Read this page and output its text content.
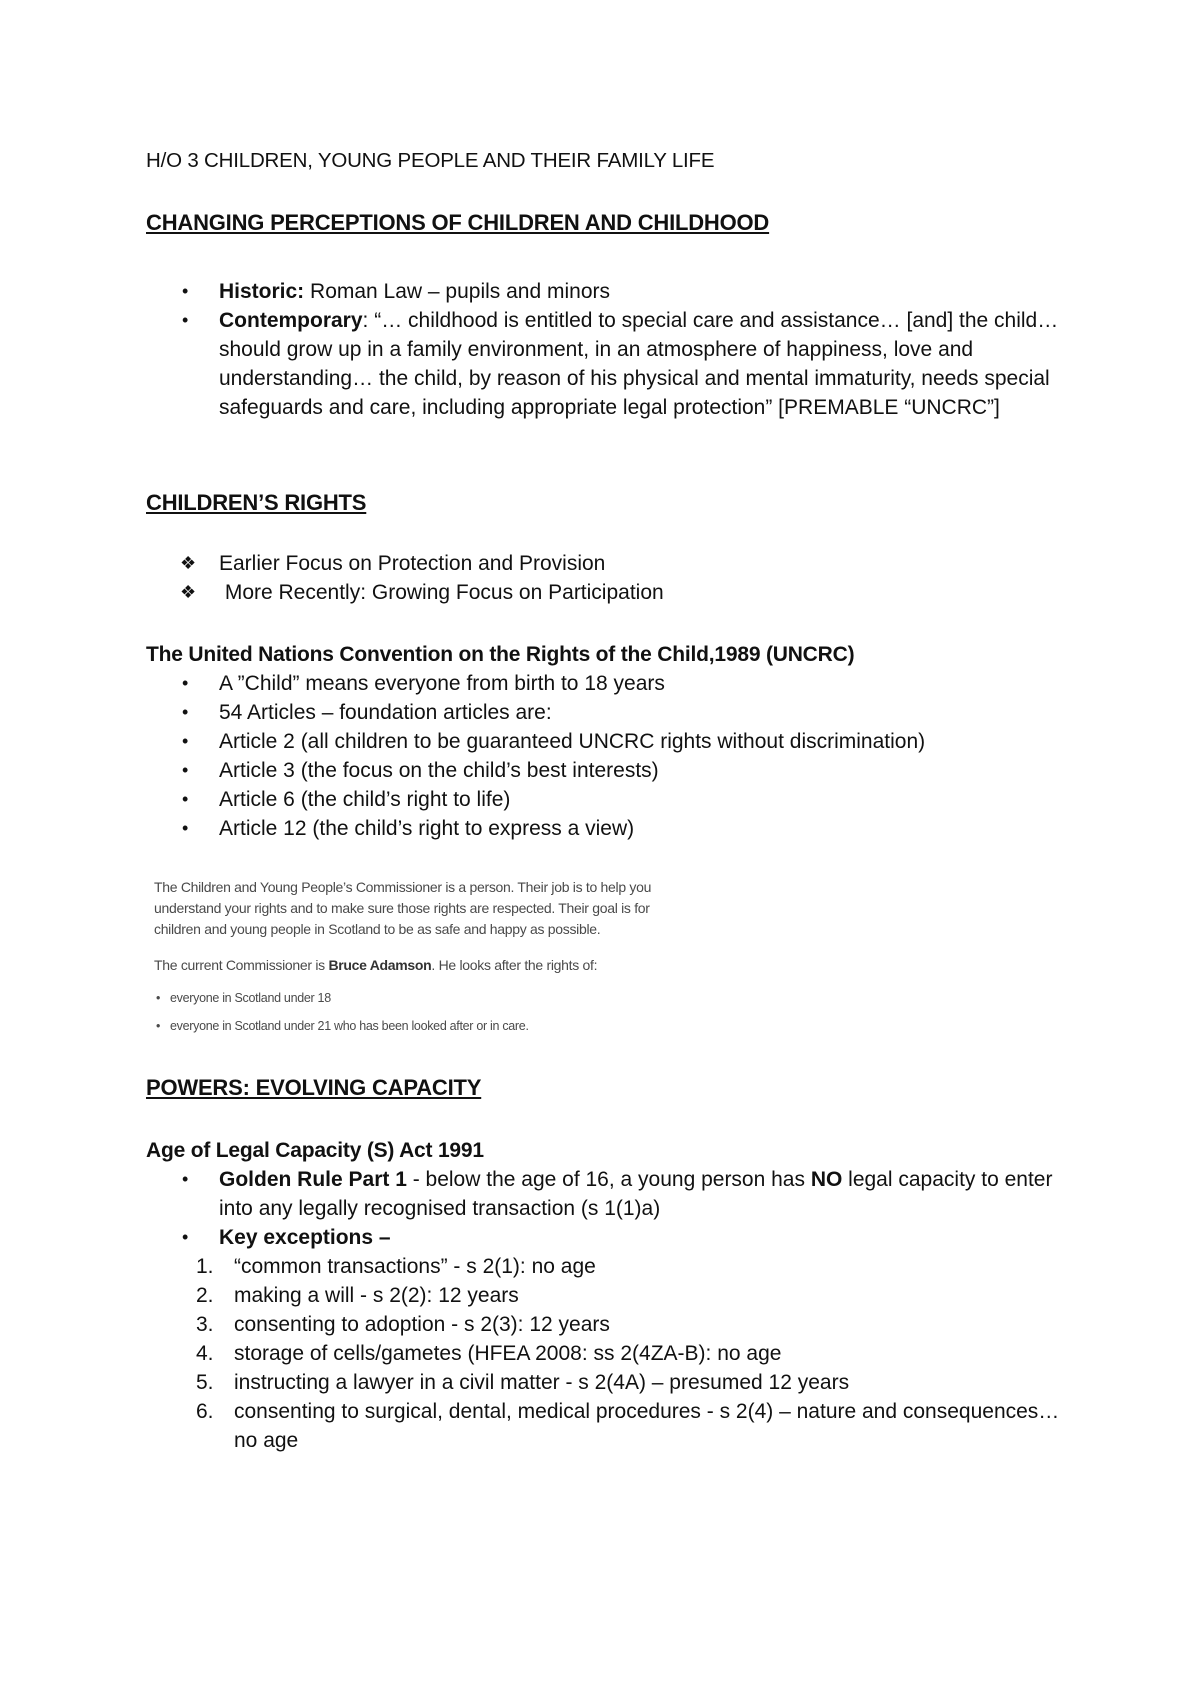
H/O 3 CHILDREN, YOUNG PEOPLE AND THEIR FAMILY LIFE
CHANGING PERCEPTIONS OF CHILDREN AND CHILDHOOD
• Historic: Roman Law – pupils and minors
• Contemporary: “… childhood is entitled to special care and assistance… [and] the child… should grow up in a family environment, in an atmosphere of happiness, love and understanding… the child, by reason of his physical and mental immaturity, needs special safeguards and care, including appropriate legal protection” [PREMABLE “UNCRC”]
CHILDREN’S RIGHTS
❖ Earlier Focus on Protection and Provision
❖ More Recently: Growing Focus on Participation
The United Nations Convention on the Rights of the Child,1989 (UNCRC)
• A ”Child” means everyone from birth to 18 years
• 54 Articles – foundation articles are:
• Article 2 (all children to be guaranteed UNCRC rights without discrimination)
• Article 3 (the focus on the child’s best interests)
• Article 6 (the child’s right to life)
• Article 12 (the child’s right to express a view)

The Children and Young People’s Commissioner is a person. Their job is to help you understand your rights and to make sure those rights are respected. Their goal is for children and young people in Scotland to be as safe and happy as possible.

The current Commissioner is Bruce Adamson. He looks after the rights of:

• everyone in Scotland under 18
• everyone in Scotland under 21 who has been looked after or in care.
POWERS: EVOLVING CAPACITY
Age of Legal Capacity (S) Act 1991
• Golden Rule Part 1 - below the age of 16, a young person has NO legal capacity to enter into any legally recognised transaction (s 1(1)a)
• Key exceptions –
1. “common transactions” - s 2(1): no age
2. making a will - s 2(2): 12 years
3. consenting to adoption - s 2(3): 12 years
4. storage of cells/gametes (HFEA 2008: ss 2(4ZA-B): no age
5. instructing a lawyer in a civil matter - s 2(4A) – presumed 12 years
6. consenting to surgical, dental, medical procedures - s 2(4) – nature and consequences… no age
